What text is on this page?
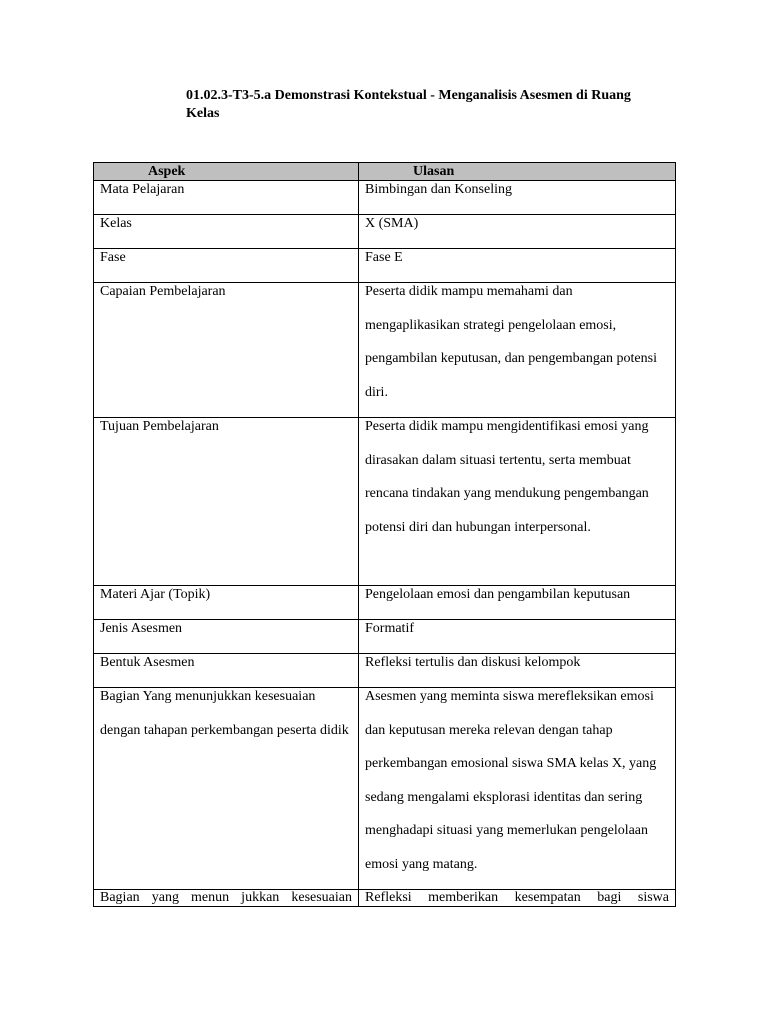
01.02.3-T3-5.a Demonstrasi Kontekstual - Menganalisis Asesmen di Ruang Kelas
Aspek	Ulasan

Mata Pelajaran	Bimbingan dan Konseling
Kelas	X (SMA)
Fase	Fase E
Capaian Pembelajaran	Peserta didik mampu memahami dan mengaplikasikan strategi pengelolaan emosi, pengambilan keputusan, dan pengembangan potensi diri.

Tujuan Pembelajaran	Peserta didik mampu mengidentifikasi emosi yang dirasakan dalam situasi tertentu, serta membuat rencana tindakan yang mendukung pengembangan potensi diri dan hubungan interpersonal.

Materi Ajar (Topik)	Pengelolaan emosi dan pengambilan keputusan
Jenis Asesmen	Formatif
Bentuk Asesmen	Refleksi tertulis dan diskusi kelompok

Bagian Yang menunjukkan kesesuaian dengan tahapan perkembangan peserta didik	Asesmen yang meminta siswa merefleksikan emosi dan keputusan mereka relevan dengan tahap perkembangan emosional siswa SMA kelas X, yang sedang mengalami eksplorasi identitas dan sering menghadapi situasi yang memerlukan pengelolaan emosi yang matang.

Bagian yang menun jukkan kesesuaian	Refleksi memberikan kesempatan bagi siswa
